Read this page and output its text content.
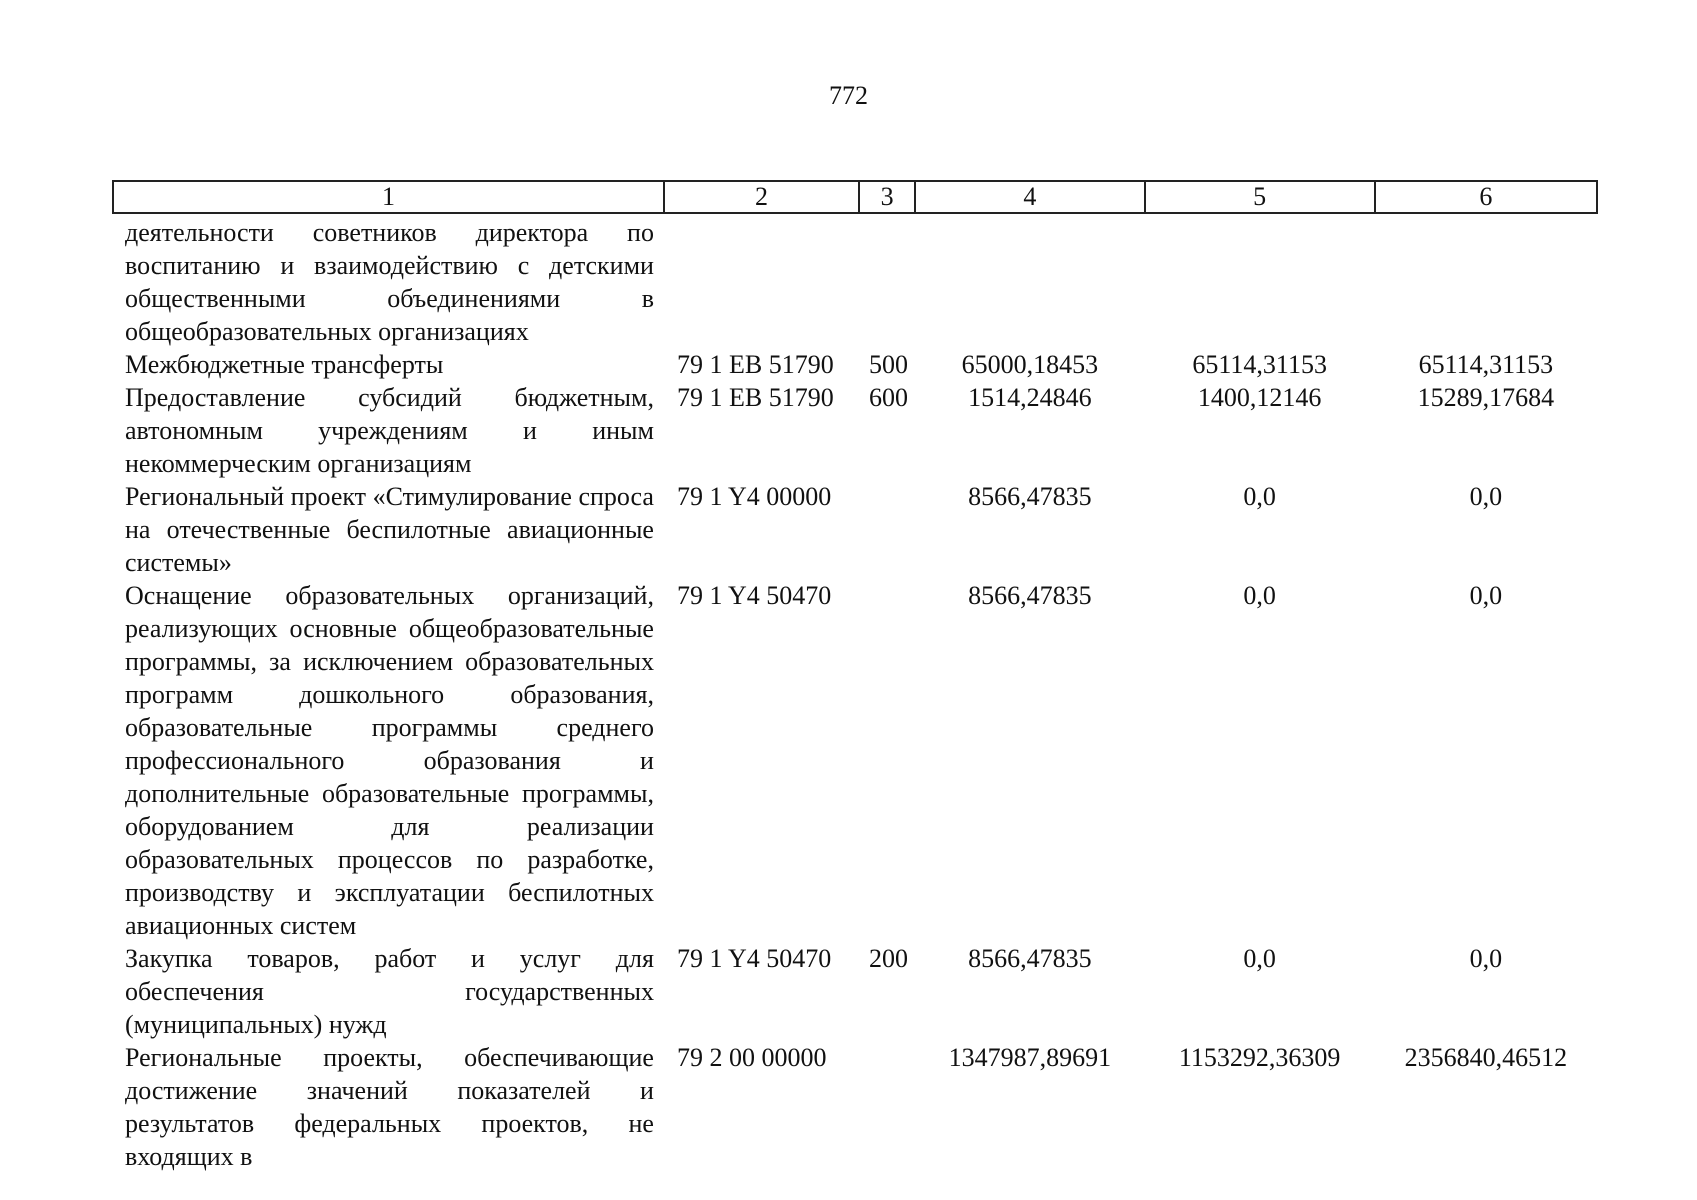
772
1	2	3	4	5	6
деятельности советников директора по воспитанию и взаимодействию с детскими общественными объединениями в общеобразовательных организациях					
Межбюджетные трансферты	79 1 EB 51790	500	65000,18453	65114,31153	65114,31153
Предоставление субсидий бюджетным, автономным учреждениям и иным некоммерческим организациям	79 1 EB 51790	600	1514,24846	1400,12146	15289,17684
Региональный проект «Стимулирование спроса на отечественные беспилотные авиационные системы»	79 1 Y4 00000		8566,47835	0,0	0,0
Оснащение образовательных организаций, реализующих основные общеобразовательные программы, за исключением образовательных программ дошкольного образования, образовательные программы среднего профессионального образования и дополнительные образовательные программы, оборудованием для реализации образовательных процессов по разработке, производству и эксплуатации беспилотных авиационных систем	79 1 Y4 50470		8566,47835	0,0	0,0
Закупка товаров, работ и услуг для обеспечения государственных (муниципальных) нужд	79 1 Y4 50470	200	8566,47835	0,0	0,0
Региональные проекты, обеспечивающие достижение значений показателей и результатов федеральных проектов, не входящих в	79 2 00 00000		1347987,89691	1153292,36309	2356840,46512
